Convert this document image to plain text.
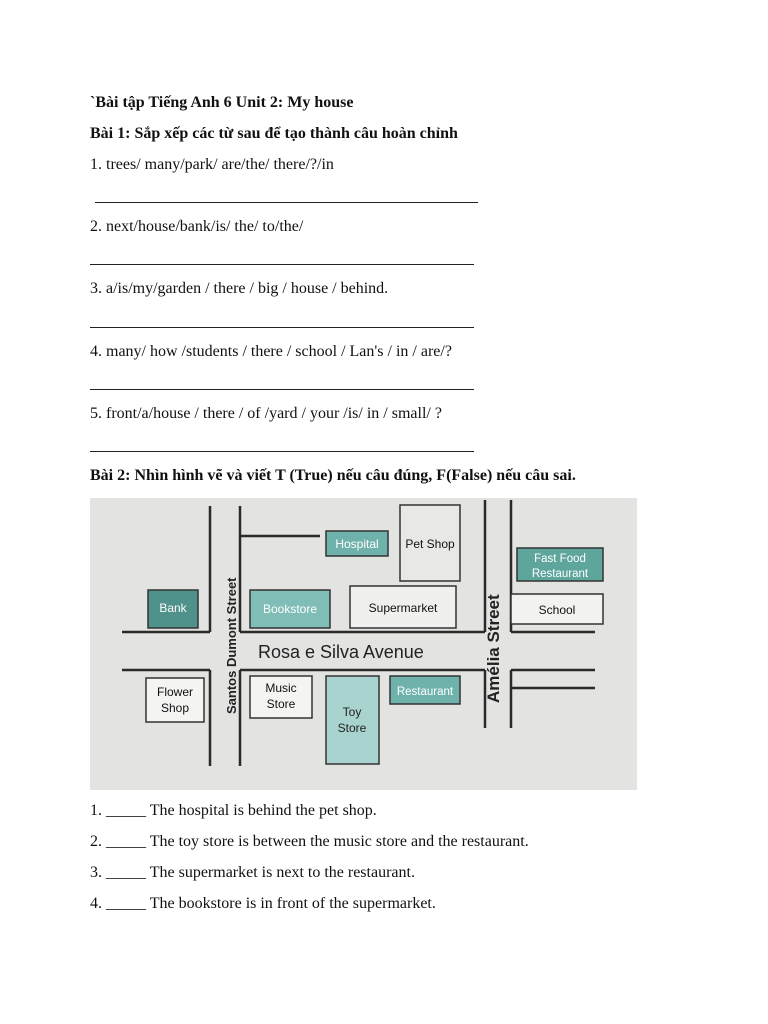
`Bài tập Tiếng Anh 6 Unit 2: My house
Bài 1: Sắp xếp các từ sau để tạo thành câu hoàn chỉnh
1. trees/ many/park/ are/the/ there/?/in
2. next/house/bank/is/ the/ to/the/
3. a/is/my/garden / there / big / house / behind.
4. many/ how /students / there / school / Lan's / in / are/?
5. front/a/house / there / of /yard / your /is/ in / small/ ?
Bài 2: Nhìn hình vẽ và viết T (True) nếu câu đúng, F(False) nếu câu sai.
Hospital Pet Shop
Fast Food
Restaurant
Bank	Bookstore	Supermarket	School
Rosa e Silva Avenue
Santos Dumont Street	Amélia Street
Flower
Shop
Music
Store
Toy
Store
Restaurant
1. _____ The hospital is behind the pet shop.
2. _____ The toy store is between the music store and the restaurant.
3. _____ The supermarket is next to the restaurant.
4. _____ The bookstore is in front of the supermarket.
